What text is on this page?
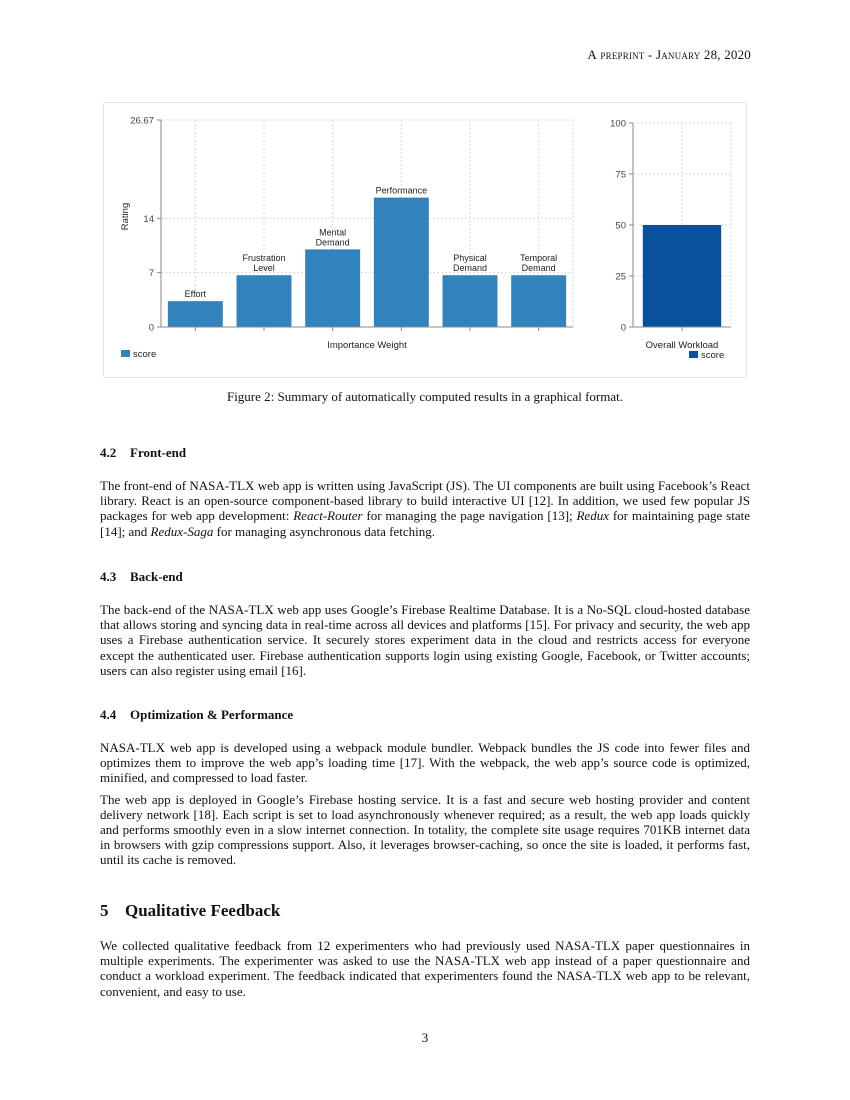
A preprint - January 28, 2020
0
7
14
26.67
Effort
Frustration
Level
Mental
Demand
Performance
Physical
Demand
Temporal
Demand
Importance Weight
Rating
score
0
25
50
75
100
Overall Workload
score
Figure 2: Summary of automatically computed results in a graphical format.
4.2 Front-end

The front-end of NASA-TLX web app is written using JavaScript (JS). The UI components are built using Facebook’s React library. React is an open-source component-based library to build interactive UI [12]. In addition, we used few popular JS packages for web app development: React-Router for managing the page navigation [13]; Redux for maintaining page state [14]; and Redux-Saga for managing asynchronous data fetching.

4.3 Back-end

The back-end of the NASA-TLX web app uses Google’s Firebase Realtime Database. It is a No-SQL cloud-hosted database that allows storing and syncing data in real-time across all devices and platforms [15]. For privacy and security, the web app uses a Firebase authentication service. It securely stores experiment data in the cloud and restricts access for everyone except the authenticated user. Firebase authentication supports login using existing Google, Facebook, or Twitter accounts; users can also register using email [16].

4.4 Optimization & Performance

NASA-TLX web app is developed using a webpack module bundler. Webpack bundles the JS code into fewer files and optimizes them to improve the web app’s loading time [17]. With the webpack, the web app’s source code is optimized, minified, and compressed to load faster.

The web app is deployed in Google’s Firebase hosting service. It is a fast and secure web hosting provider and content delivery network [18]. Each script is set to load asynchronously whenever required; as a result, the web app loads quickly and performs smoothly even in a slow internet connection. In totality, the complete site usage requires 701KB internet data in browsers with gzip compressions support. Also, it leverages browser-caching, so once the site is loaded, it performs fast, until its cache is removed.

5 Qualitative Feedback

We collected qualitative feedback from 12 experimenters who had previously used NASA-TLX paper questionnaires in multiple experiments. The experimenter was asked to use the NASA-TLX web app instead of a paper questionnaire and conduct a workload experiment. The feedback indicated that experimenters found the NASA-TLX web app to be relevant, convenient, and easy to use.

3
